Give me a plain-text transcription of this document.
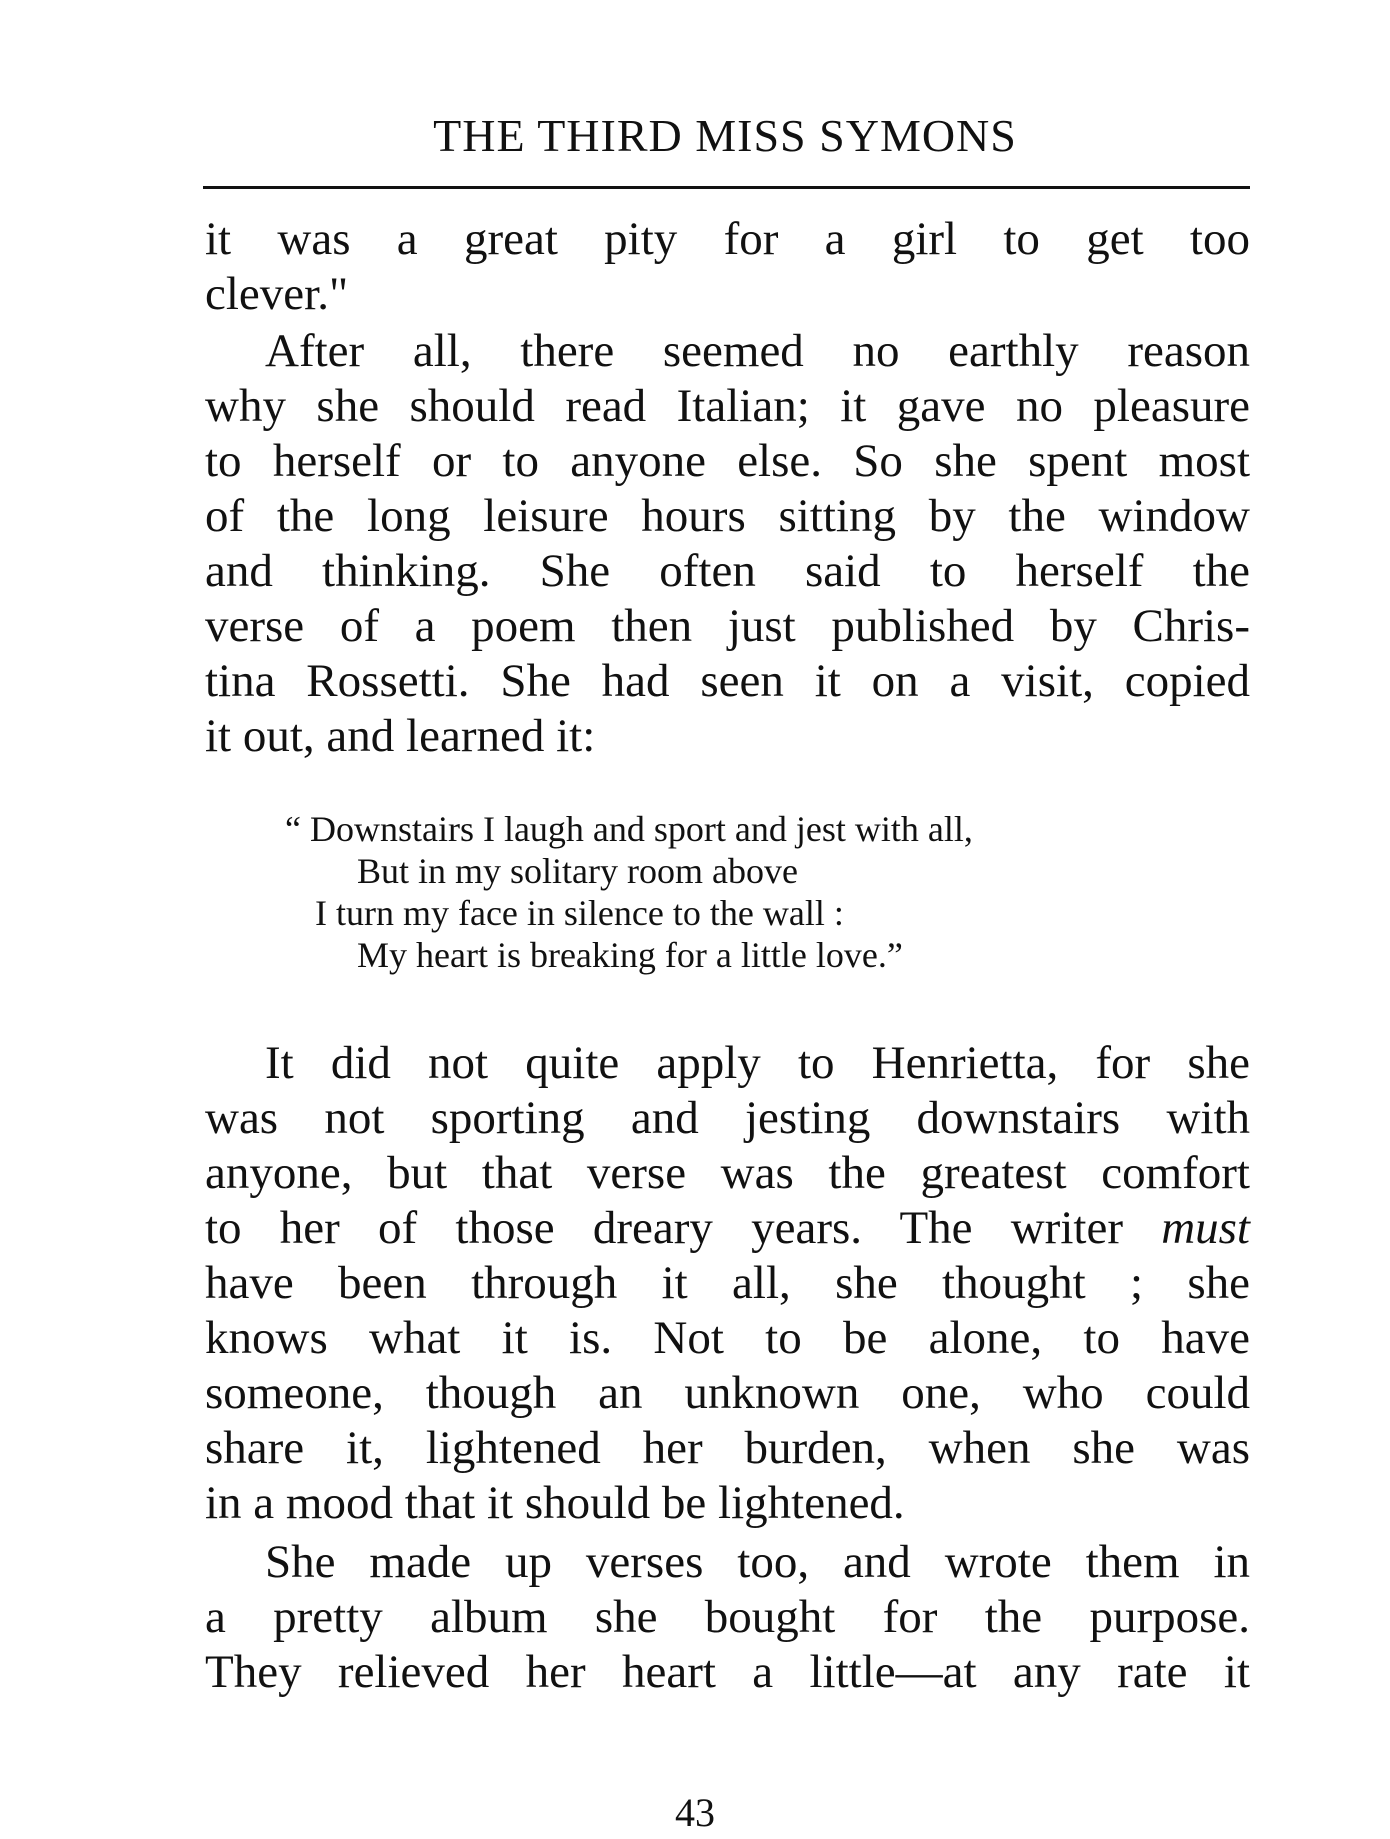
THE THIRD MISS SYMONS
it was a great pity for a girl to get too
clever."
After all, there seemed no earthly reason
why she should read Italian; it gave no pleasure
to herself or to anyone else. So she spent most
of the long leisure hours sitting by the window
and thinking. She often said to herself the
verse of a poem then just published by Chris-
tina Rossetti. She had seen it on a visit, copied
it out, and learned it:
“ Downstairs I laugh and sport and jest with all,
But in my solitary room above
I turn my face in silence to the wall :
My heart is breaking for a little love.”
It did not quite apply to Henrietta, for she
was not sporting and jesting downstairs with
anyone, but that verse was the greatest comfort
to her of those dreary years. The writer must
have been through it all, she thought ; she
knows what it is. Not to be alone, to have
someone, though an unknown one, who could
share it, lightened her burden, when she was
in a mood that it should be lightened.
She made up verses too, and wrote them in
a pretty album she bought for the purpose.
They relieved her heart a little—at any rate it
43
